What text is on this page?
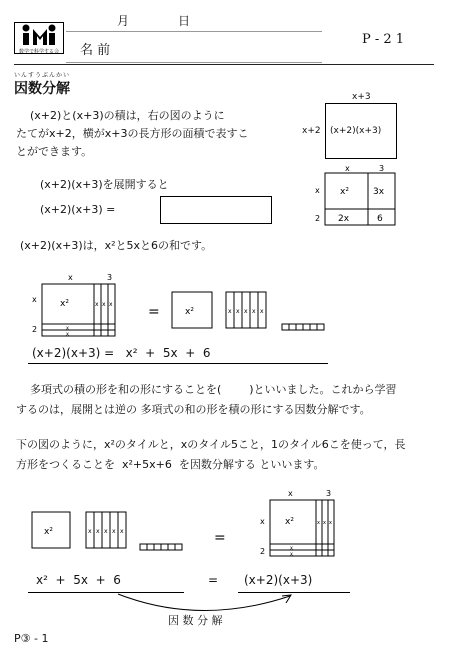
数学で科学する会
月	日
名 前
P - 2 1
いんすうぶんかい
因数分解
(x+2)と(x+3)の積は，右の図のように
たてがx+2，横がx+3の長方形の面積で表すこ
とができます。
(x+2)(x+3)を展開すると
(x+2)(x+3) =
(x+2)(x+3)は，x²と5xと6の和です。
x+3
x+2 (x+2)(x+3)
x	3
x
2
x²	3x
2x	6
x	3
x
2
x²	x x x
x
x
=	x²	x x x x x
(x+2)(x+3) =   x²  +  5x  +  6
多項式の積の形を和の形にすることを(        )といいました。これから学習
するのは，展開とは逆の 多項式の和の形を積の形にする因数分解です。
下の図のように，x²のタイルと，xのタイル5こと，1のタイル6こを使って，長
方形をつくることを  x²+5x+6  を因数分解する といいます。
x²	x x x x x	=
x	3
x
2
x²	x x x
x
x
x²  +  5x  +  6	= (x+2)(x+3)
因 数 分 解
P③ - 1
